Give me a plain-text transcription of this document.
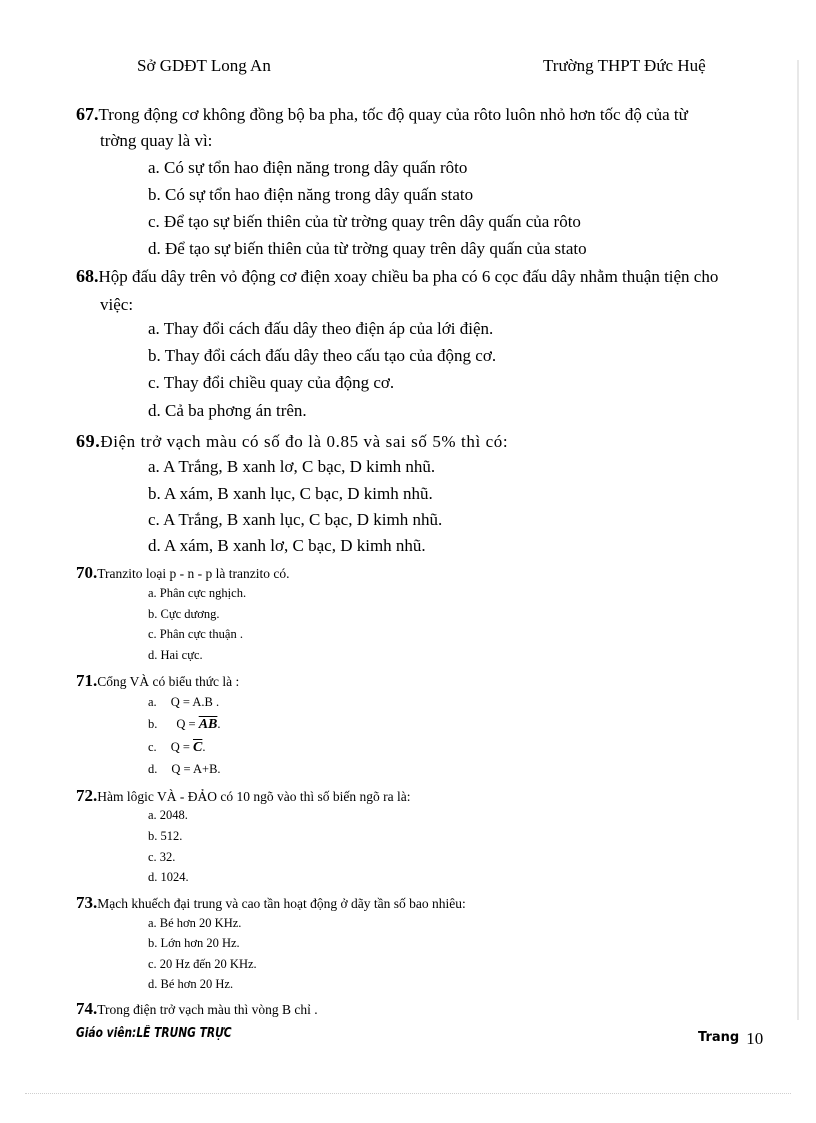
Sở GDĐT Long An	Trường THPT Đức Huệ
67.Trong động cơ không đồng bộ ba pha, tốc độ quay của rôto luôn nhỏ hơn tốc độ của từ
trờng quay là vì:
a. Có sự tổn hao điện năng trong dây quấn rôto
b. Có sự tổn hao điện năng trong dây quấn stato
c. Để tạo sự biến thiên của từ trờng quay trên dây quấn của rôto
d. Để tạo sự biến thiên của từ trờng quay trên dây quấn của stato
68.Hộp đấu dây trên vỏ động cơ điện xoay chiều ba pha có 6 cọc đấu dây nhằm thuận tiện cho
việc:
a. Thay đổi cách đấu dây theo điện áp của lới điện.
b. Thay đổi cách đấu dây theo cấu tạo của động cơ.
c. Thay đổi chiều quay của động cơ.
d. Cả ba phơng án trên.
69.Điện trở vạch màu có số đo là 0.85 và sai số 5% thì có:
a. A Trắng, B xanh lơ, C bạc, D kimh nhũ.
b. A xám, B xanh lục, C bạc, D kimh nhũ.
c. A Trắng, B xanh lục, C bạc, D kimh nhũ.
d. A xám, B xanh lơ, C bạc, D kimh nhũ.
70.Tranzito loại p - n - p là tranzito có.
a. Phân cực nghịch.
b. Cực dương.
c. Phân cực thuận .
d. Hai cực.
71.Cổng VÀ có biểu thức là :
a. Q = A.B .
b. $Q = \overline{AB}$.
c. $Q = \overline{C}$.
d. Q = A+B.
72.Hàm lôgic VÀ - ĐẢO có 10 ngõ vào thì số biến ngõ ra là:
a. 2048.
b. 512.
c. 32.
d. 1024.
73.Mạch khuếch đại trung và cao tần hoạt động ở dãy tần số bao nhiêu:
a. Bé hơn 20 KHz.
b. Lớn hơn 20 Hz.
c. 20 Hz đến 20 KHz.
d. Bé hơn 20 Hz.
74.Trong điện trở vạch màu thì vòng B chỉ .
Giáo viên:LÊ TRUNG TRỰC	Trang 10
